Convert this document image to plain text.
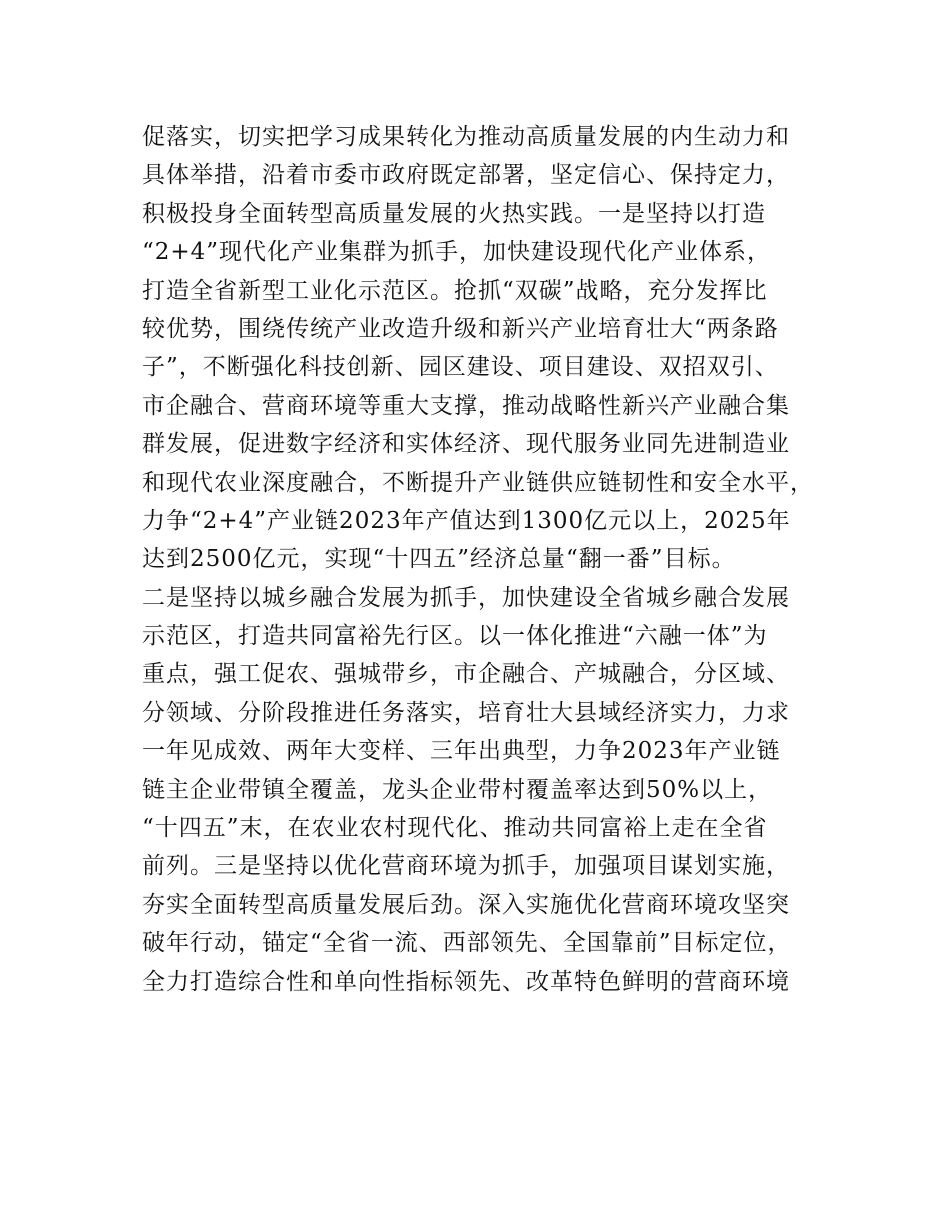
促落实，切实把学习成果转化为推动高质量发展的内生动力和
具体举措，沿着市委市政府既定部署，坚定信心、保持定力，
积极投身全面转型高质量发展的火热实践。一是坚持以打造
“2+4”现代化产业集群为抓手，加快建设现代化产业体系，
打造全省新型工业化示范区。抢抓“双碳”战略，充分发挥比
较优势，围绕传统产业改造升级和新兴产业培育壮大“两条路
子”，不断强化科技创新、园区建设、项目建设、双招双引、
市企融合、营商环境等重大支撑，推动战略性新兴产业融合集
群发展，促进数字经济和实体经济、现代服务业同先进制造业
和现代农业深度融合，不断提升产业链供应链韧性和安全水平，
力争“2+4”产业链2023年产值达到1300亿元以上，2025年
达到2500亿元，实现“十四五”经济总量“翻一番”目标。
二是坚持以城乡融合发展为抓手，加快建设全省城乡融合发展
示范区，打造共同富裕先行区。以一体化推进“六融一体”为
重点，强工促农、强城带乡，市企融合、产城融合，分区域、
分领域、分阶段推进任务落实，培育壮大县域经济实力，力求
一年见成效、两年大变样、三年出典型，力争2023年产业链
链主企业带镇全覆盖，龙头企业带村覆盖率达到50%以上，
“十四五”末，在农业农村现代化、推动共同富裕上走在全省
前列。三是坚持以优化营商环境为抓手，加强项目谋划实施，
夯实全面转型高质量发展后劲。深入实施优化营商环境攻坚突
破年行动，锚定“全省一流、西部领先、全国靠前”目标定位，
全力打造综合性和单向性指标领先、改革特色鲜明的营商环境
